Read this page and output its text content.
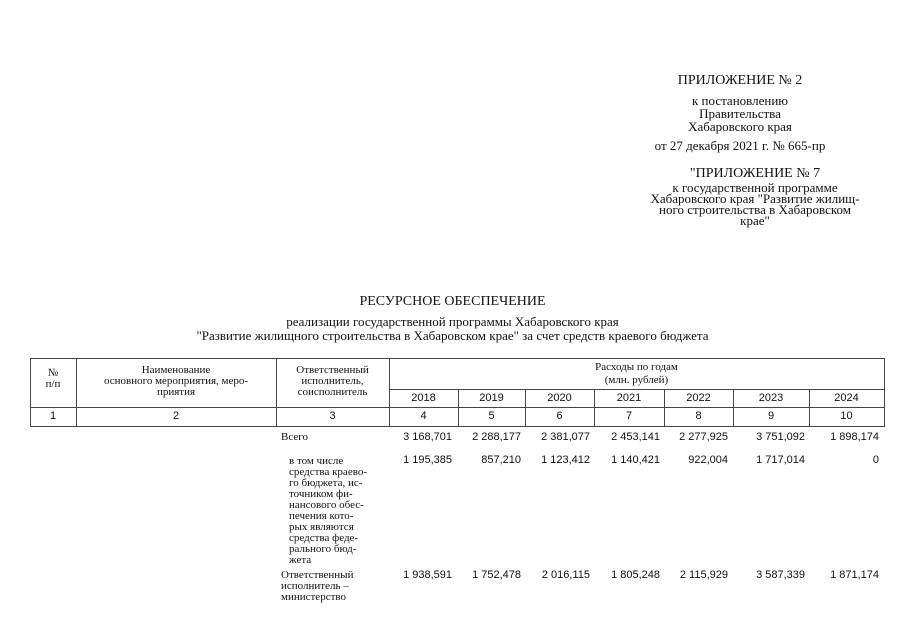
ПРИЛОЖЕНИЕ № 2
к постановлению
Правительства
Хабаровского края
от 27 декабря 2021 г. № 665-пр
"ПРИЛОЖЕНИЕ № 7
к государственной программе
Хабаровского края "Развитие жилищ-
ного строительства в Хабаровском
крае"
РЕСУРСНОЕ ОБЕСПЕЧЕНИЕ
реализации государственной программы Хабаровского края
"Развитие жилищного строительства в Хабаровском крае" за счет средств краевого бюджета
№
п/п
Наименование
основного мероприятия, меро-
приятия
Ответственный
исполнитель,
соисполнитель
Расходы по годам
(млн. рублей)
2018	2019	2020	2021	2022	2023	2024
1	2	3	4	5	6	7	8	9	10
Всего	3 168,701	2 288,177	2 381,077	2 453,141	2 277,925	3 751,092	1 898,174
в том числе
средства краево-
го бюджета, ис-
точником фи-
нансового обес-
печения кото-
рых являются
средства феде-
рального бюд-
жета
1 195,385	857,210	1 123,412	1 140,421	922,004	1 717,014	0
Ответственный
исполнитель –
министерство
1 938,591	1 752,478	2 016,115	1 805,248	2 115,929	3 587,339	1 871,174
